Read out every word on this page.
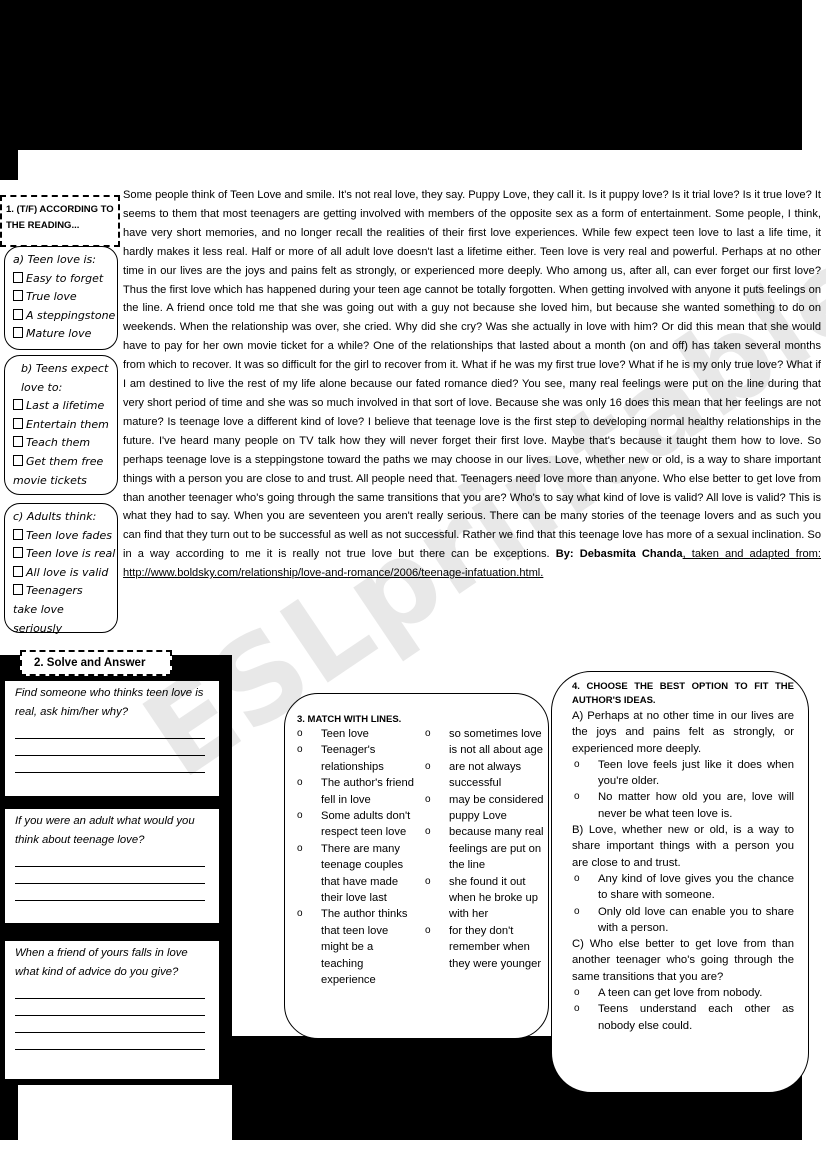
Some people think of Teen Love and smile. It's not real love, they say. Puppy Love, they call it. Is it puppy love? Is it trial love? Is it true love? It seems to them that most teenagers are getting involved with members of the opposite sex as a form of entertainment. Some people, I think, have very short memories, and no longer recall the realities of their first love experiences. While few expect teen love to last a life time, it hardly makes it less real. Half or more of all adult love doesn't last a lifetime either. Teen love is very real and powerful. Perhaps at no other time in our lives are the joys and pains felt as strongly, or experienced more deeply. Who among us, after all, can ever forget our first love? Thus the first love which has happened during your teen age cannot be totally forgotten. When getting involved with anyone it puts feelings on the line. A friend once told me that she was going out with a guy not because she loved him, but because she wanted something to do on weekends. When the relationship was over, she cried. Why did she cry? Was she actually in love with him? Or did this mean that she would have to pay for her own movie ticket for a while? One of the relationships that lasted about a month (on and off) has taken several months from which to recover. It was so difficult for the girl to recover from it. What if he was my first true love? What if he is my only true love? What if I am destined to live the rest of my life alone because our fated romance died? You see, many real feelings were put on the line during that very short period of time and she was so much involved in that sort of love. Because she was only 16 does this mean that her feelings are not mature? Is teenage love a different kind of love? I believe that teenage love is the first step to developing normal healthy relationships in the future. I've heard many people on TV talk how they will never forget their first love. Maybe that's because it taught them how to love. So perhaps teenage love is a steppingstone toward the paths we may choose in our lives. Love, whether new or old, is a way to share important things with a person you are close to and trust. All people need that. Teenagers need love more than anyone. Who else better to get love from than another teenager who's going through the same transitions that you are? Who's to say what kind of love is valid? All love is valid? This is what they had to say. When you are seventeen you aren't really serious. There can be many stories of the teenage lovers and as such you can find that they turn out to be successful as well as not successful. Rather we find that this teenage love has more of a sexual inclination. So in a way according to me it is really not true love but there can be exceptions. By: Debasmita Chanda, taken and adapted from: http://www.boldsky.com/relationship/love-and-romance/2006/teenage-infatuation.html.
1. (T/F) ACCORDING TO THE READING...
a) Teen love is:
Easy to forget
True love
A steppingstone
Mature love
b) Teens expect love to:
Last a lifetime
Entertain them
Teach them
Get them free movie tickets
c) Adults think:
Teen love fades
Teen love is real
All love is valid
Teenagers take love seriously
2. Solve and Answer
Find someone who thinks teen love is real, ask him/her why?
If you were an adult what would you think about teenage love?
When a friend of yours falls in love what kind of advice do you give?
3. MATCH WITH LINES.
o Teen love
o Teenager's relationships
o The author's friend fell in love
o Some adults don't respect teen love
o There are many teenage couples that have made their love last
o The author thinks that teen love might be a teaching experience
o so sometimes love is not all about age
o are not always successful
o may be considered puppy Love
o because many real feelings are put on the line
o she found it out when he broke up with her
o for they don't remember when they were younger
4. CHOOSE THE BEST OPTION TO FIT THE AUTHOR'S IDEAS.
A) Perhaps at no other time in our lives are the joys and pains felt as strongly, or experienced more deeply.
o Teen love feels just like it does when you're older.
o No matter how old you are, love will never be what teen love is.
B) Love, whether new or old, is a way to share important things with a person you are close to and trust.
o Any kind of love gives you the chance to share with someone.
o Only old love can enable you to share with a person.
C) Who else better to get love from than another teenager who's going through the same transitions that you are?
o A teen can get love from nobody.
o Teens understand each other as nobody else could.
